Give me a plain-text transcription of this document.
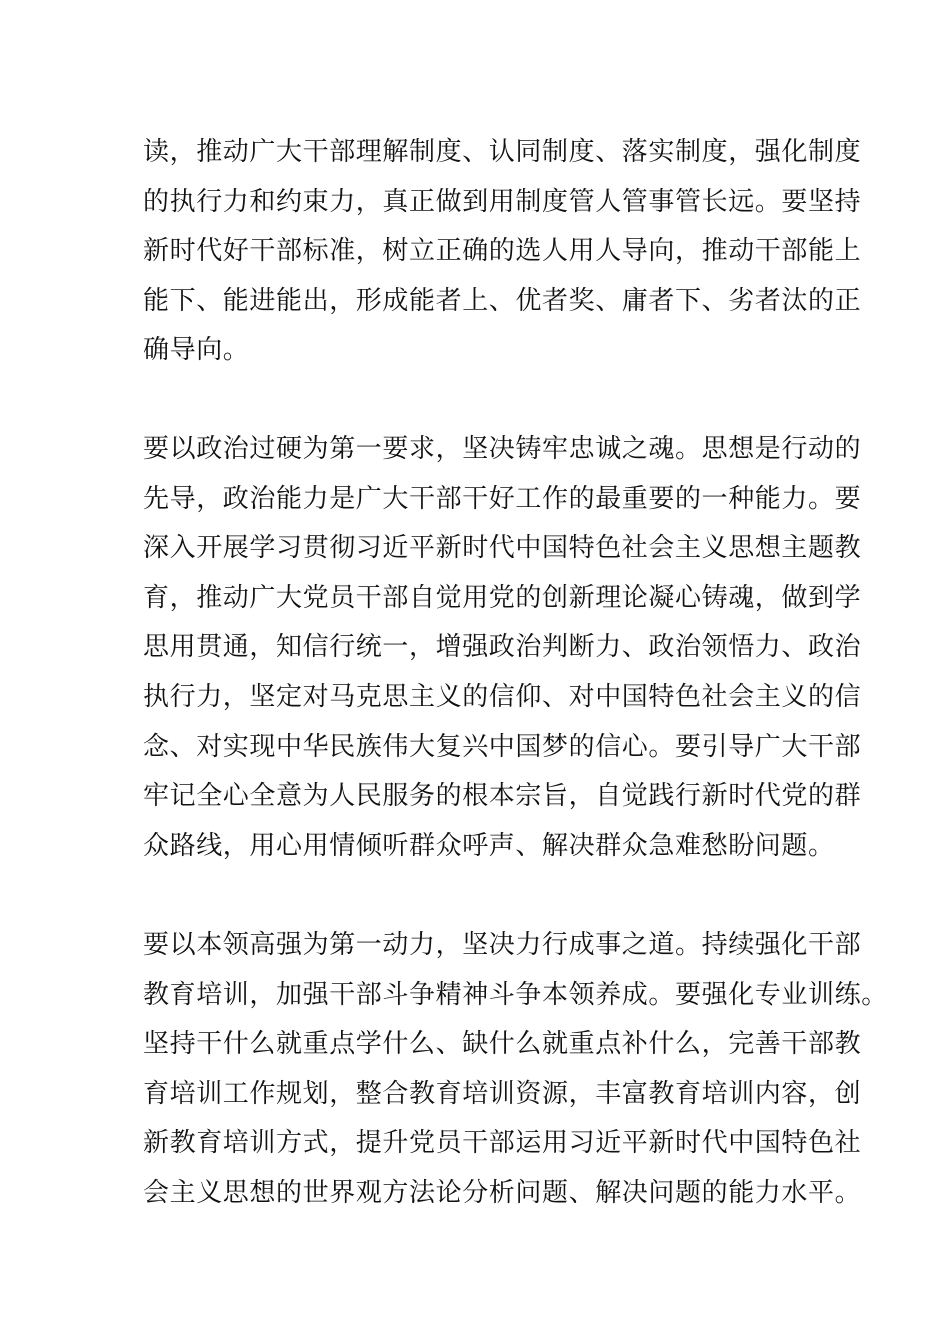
读，推动广大干部理解制度、认同制度、落实制度，强化制度
的执行力和约束力，真正做到用制度管人管事管长远。要坚持
新时代好干部标准，树立正确的选人用人导向，推动干部能上
能下、能进能出，形成能者上、优者奖、庸者下、劣者汰的正
确导向。
要以政治过硬为第一要求，坚决铸牢忠诚之魂。思想是行动的
先导，政治能力是广大干部干好工作的最重要的一种能力。要
深入开展学习贯彻习近平新时代中国特色社会主义思想主题教
育，推动广大党员干部自觉用党的创新理论凝心铸魂，做到学
思用贯通，知信行统一，增强政治判断力、政治领悟力、政治
执行力，坚定对马克思主义的信仰、对中国特色社会主义的信
念、对实现中华民族伟大复兴中国梦的信心。要引导广大干部
牢记全心全意为人民服务的根本宗旨，自觉践行新时代党的群
众路线，用心用情倾听群众呼声、解决群众急难愁盼问题。
要以本领高强为第一动力，坚决力行成事之道。持续强化干部
教育培训，加强干部斗争精神斗争本领养成。要强化专业训练。
坚持干什么就重点学什么、缺什么就重点补什么，完善干部教
育培训工作规划，整合教育培训资源，丰富教育培训内容，创
新教育培训方式，提升党员干部运用习近平新时代中国特色社
会主义思想的世界观方法论分析问题、解决问题的能力水平。
